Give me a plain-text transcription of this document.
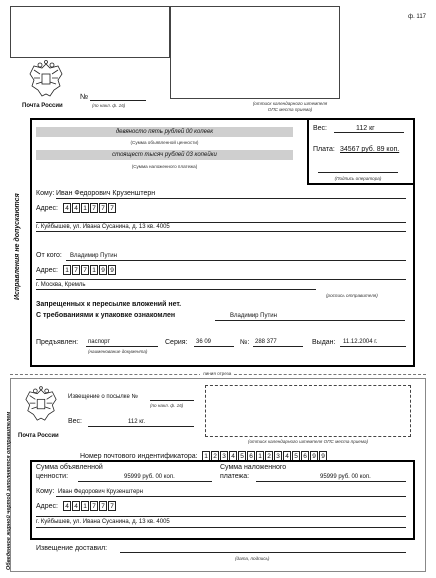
ф. 117
Почта России
№
(по накл. ф. 16)	(оттиск календарного штемпеля
ОПС места приема)
девяносто пять рублей 00 копеек
(Сумма объявленной ценности)
стоящест тысяч рублей 03 копейки
(Сумма наложенного платежа)
Вес:	112 кг
Плата: 34567 руб. 89 коп.
(Подпись оператора)
Исправления не допускаются Кому: Иван Федорович Крузенштерн
Адрес:	4 4 1 7 7 7
г. Куйбышев, ул. Ивана Сусанина, д. 13 кв. 4005
От кого: Владимир Путин
Адрес:	1 7 7 1 9 9
г. Москва, Кремль
(роспись отправителя)
Запрещенных к пересылке вложений нет.
С требованиями к упаковке ознакомлен	Владимир Путин
Предъявлен: паспорт
(наименование документа)
Серия: 36 09	№: 288 377	Выдан: 11.12.2004 г.
линия отреза
Обведенное жирной чертой заполняется отправителем Почта России
Извещение о посылке №
(по накл. ф. 16)
Вес:	112 кг.
(оттиск календарного штемпеля ОПС места приема)
Номер почтового индентификатора:	1 2 3 4 5 6 1 2 3 4 5 6 9 9
Сумма объявленной
ценности:	95999 руб. 00 коп.
Сумма наложенного
платежа:	95999 руб. 00 коп.
Кому: Иван Федорович Крузенштерн
Адрес:	4 4 1 7 7 7
г. Куйбышев, ул. Ивана Сусанина, д. 13 кв. 4005
Извещение доставил:
(дата, подпись)
